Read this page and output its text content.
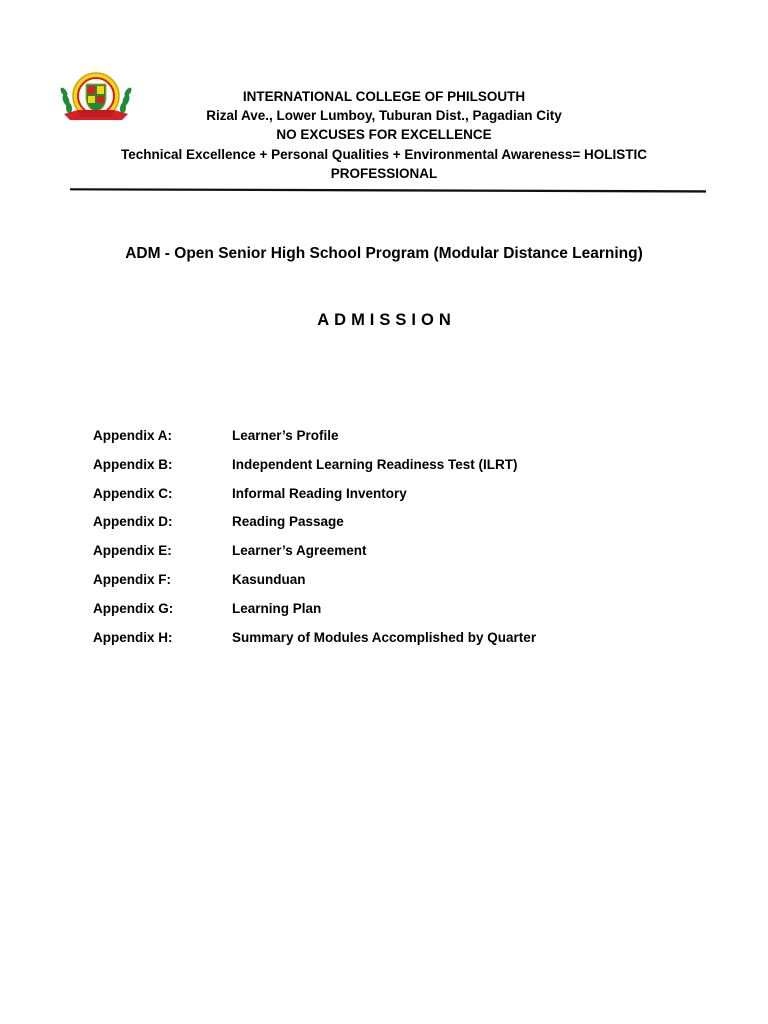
INTERNATIONAL COLLEGE OF PHILSOUTH
Rizal Ave., Lower Lumboy, Tuburan Dist., Pagadian City
NO EXCUSES FOR EXCELLENCE
Technical Excellence + Personal Qualities + Environmental Awareness= HOLISTIC
PROFESSIONAL
ADM - Open Senior High School Program (Modular Distance Learning)
ADMISSION
Appendix A:	Learner’s Profile
Appendix B:	Independent Learning Readiness Test (ILRT)
Appendix C:	Informal Reading Inventory
Appendix D:	Reading Passage
Appendix E:	Learner’s Agreement
Appendix F:	Kasunduan
Appendix G:	Learning Plan
Appendix H:	Summary of Modules Accomplished by Quarter
